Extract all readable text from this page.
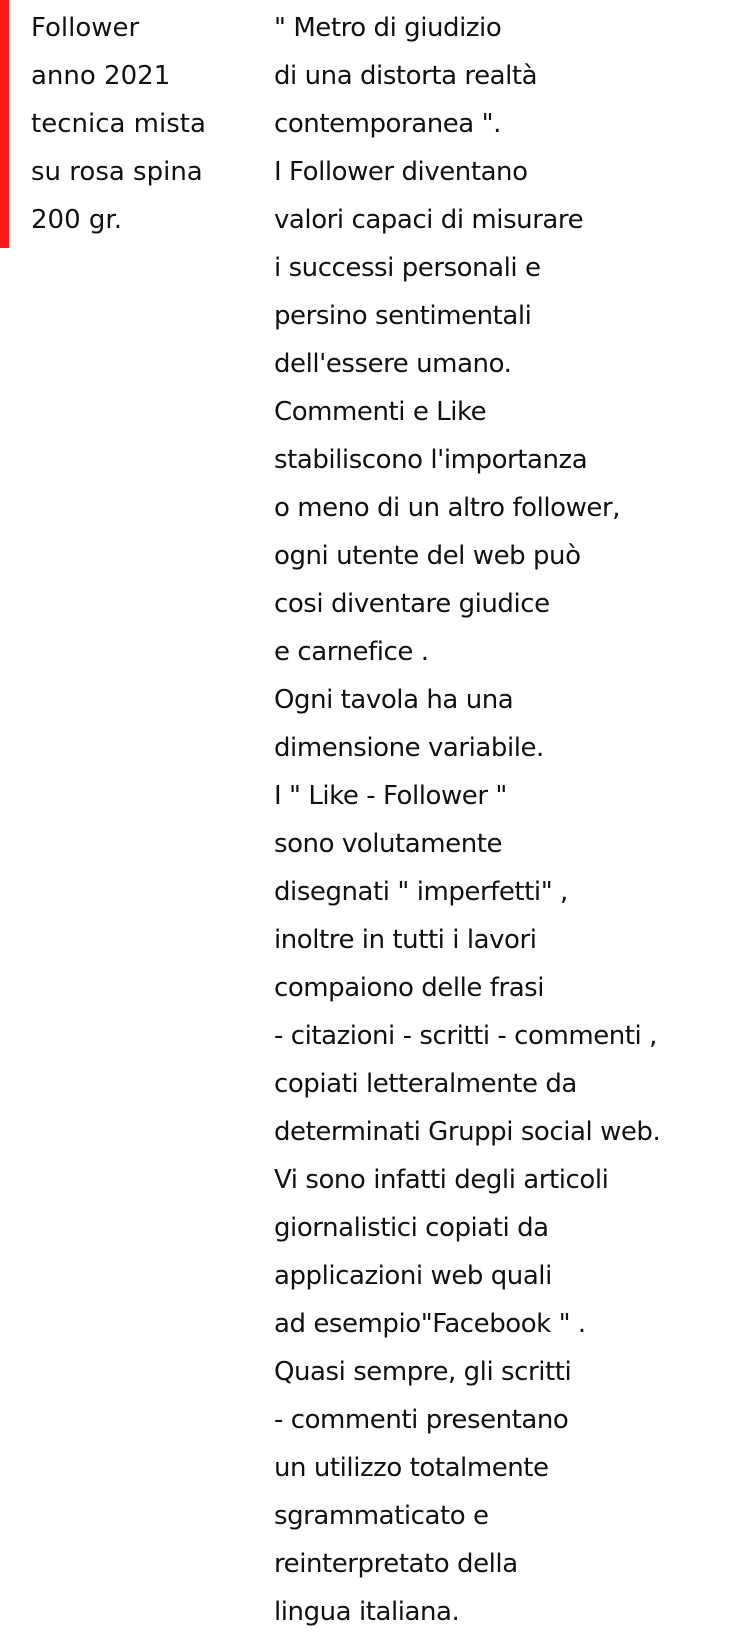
Follower
anno 2021
tecnica mista
su rosa spina
200 gr.
" Metro di giudizio
di una distorta realtà
contemporanea ".
I Follower diventano
valori capaci di misurare
i successi personali e
persino sentimentali
dell'essere umano.
Commenti e Like
stabiliscono l'importanza
o meno di un altro follower,
ogni utente del web può
cosi diventare giudice
e carnefice .
Ogni tavola ha una
dimensione variabile.
I " Like - Follower "
sono volutamente
disegnati " imperfetti" ,
inoltre in tutti i lavori
compaiono delle frasi
- citazioni - scritti - commenti ,
copiati letteralmente da
determinati Gruppi social web.
Vi sono infatti degli articoli
giornalistici copiati da
applicazioni web quali
ad esempio"Facebook " .
Quasi sempre, gli scritti
- commenti presentano
un utilizzo totalmente
sgrammaticato e
reinterpretato della
lingua italiana.
